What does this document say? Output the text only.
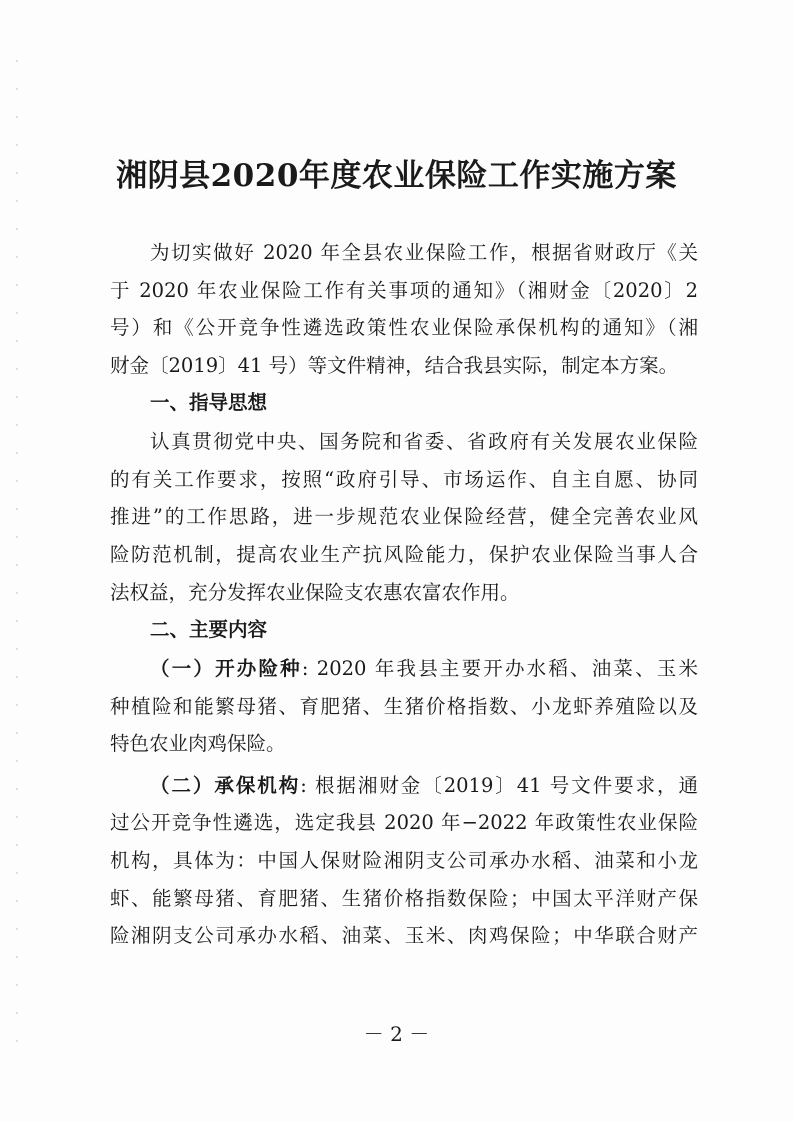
湘阴县2020年度农业保险工作实施方案
为切实做好 2020 年全县农业保险工作，根据省财政厅《关
于 2020 年农业保险工作有关事项的通知》（湘财金〔2020〕2
号）和《公开竞争性遴选政策性农业保险承保机构的通知》（湘
财金〔2019〕41 号）等文件精神，结合我县实际，制定本方案。
一、指导思想
认真贯彻党中央、国务院和省委、省政府有关发展农业保险
的有关工作要求，按照“政府引导、市场运作、自主自愿、协同
推进”的工作思路，进一步规范农业保险经营，健全完善农业风
险防范机制，提高农业生产抗风险能力，保护农业保险当事人合
法权益，充分发挥农业保险支农惠农富农作用。
二、主要内容
（一）开办险种: 2020 年我县主要开办水稻、油菜、玉米
种植险和能繁母猪、育肥猪、生猪价格指数、小龙虾养殖险以及
特色农业肉鸡保险。
（二）承保机构: 根据湘财金〔2019〕41 号文件要求，通
过公开竞争性遴选，选定我县 2020 年−2022 年政策性农业保险
机构，具体为：中国人保财险湘阴支公司承办水稻、油菜和小龙
虾、能繁母猪、育肥猪、生猪价格指数保险；中国太平洋财产保
险湘阴支公司承办水稻、油菜、玉米、肉鸡保险；中华联合财产
－ 2 －
